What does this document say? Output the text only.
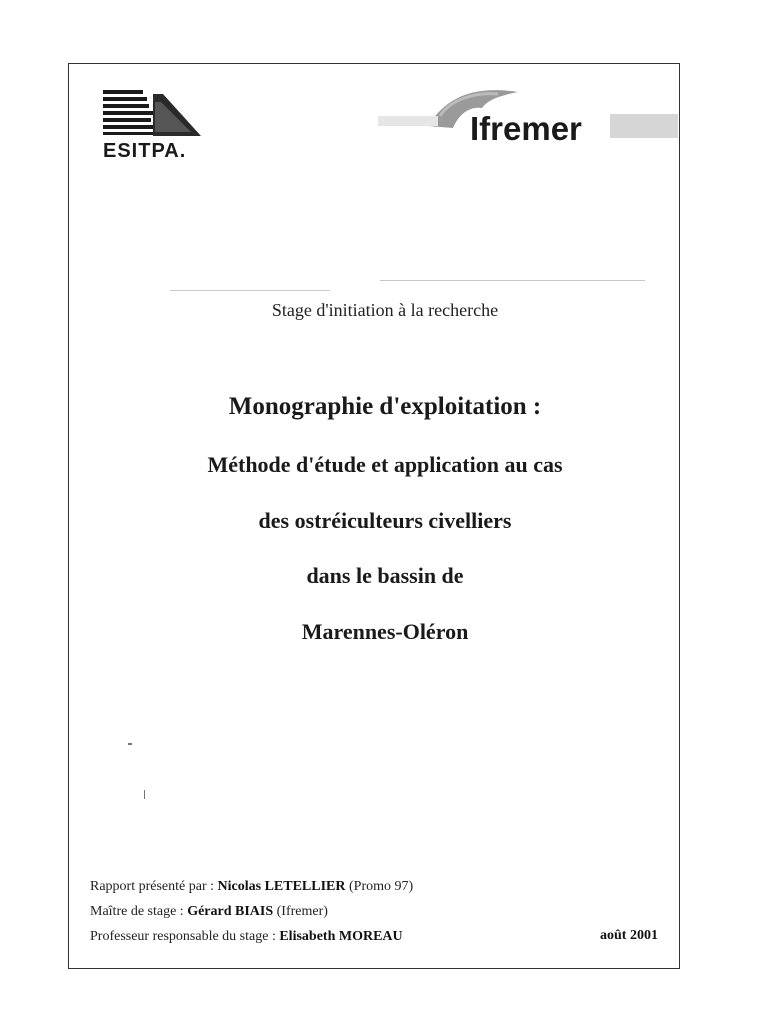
ESITPA.
Ifremer
Stage d'initiation à la recherche
Monographie d'exploitation :
Méthode d'étude et application au cas
des ostréiculteurs civelliers
dans le bassin de
Marennes-Oléron
Rapport présenté par : Nicolas LETELLIER (Promo 97)
Maître de stage : Gérard BIAIS (Ifremer)
Professeur responsable du stage : Elisabeth MOREAU	août 2001
